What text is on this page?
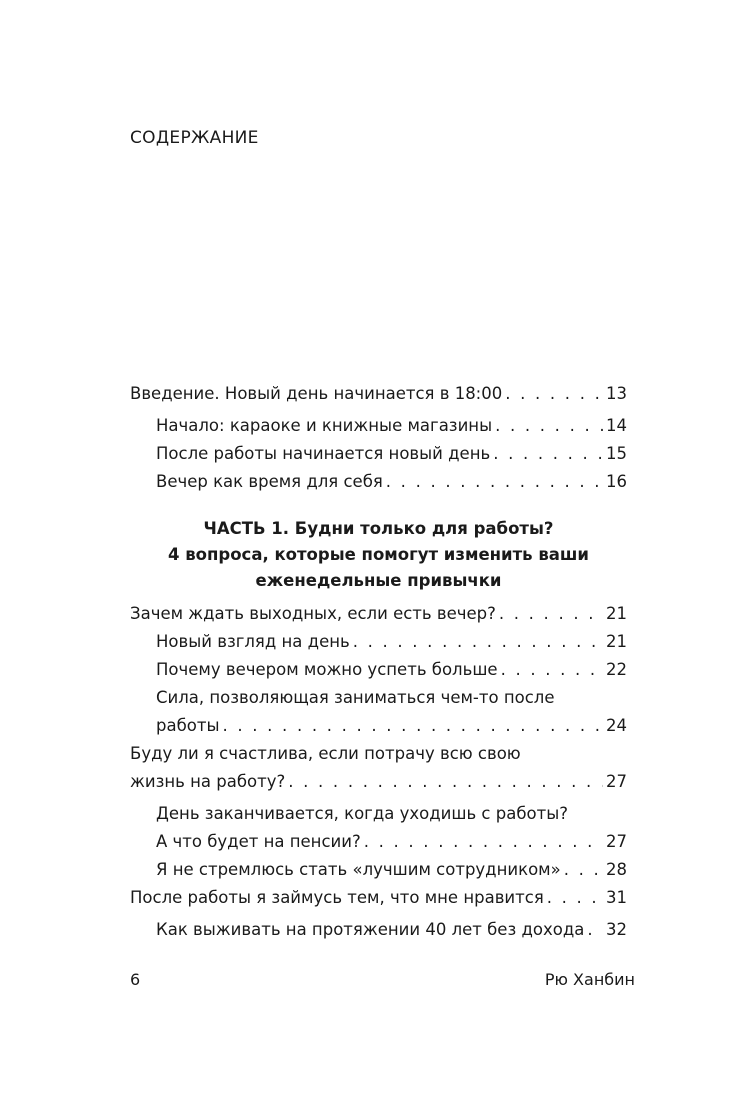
СОДЕРЖАНИЕ
Введение. Новый день начинается в 18:00 . . .	13
Начало: караоке и книжные магазины . . .	14
После работы начинается новый день . . .	15
Вечер как время для себя . . .	16
ЧАСТЬ 1. Будни только для работы?
4 вопроса, которые помогут изменить ваши
еженедельные привычки
Зачем ждать выходных, если есть вечер? . . .	21
Новый взгляд на день . . .	21
Почему вечером можно успеть больше . . .	22
Сила, позволяющая заниматься чем-то после
работы . . .	24
Буду ли я счастлива, если потрачу всю свою
жизнь на работу? . . .	27
День заканчивается, когда уходишь с работы?
А что будет на пенсии? . . .	27
Я не стремлюсь стать «лучшим сотрудником» . . .	28
После работы я займусь тем, что мне нравится . . .	31
Как выживать на протяжении 40 лет без дохода . . . 32
6	Рю Ханбин
